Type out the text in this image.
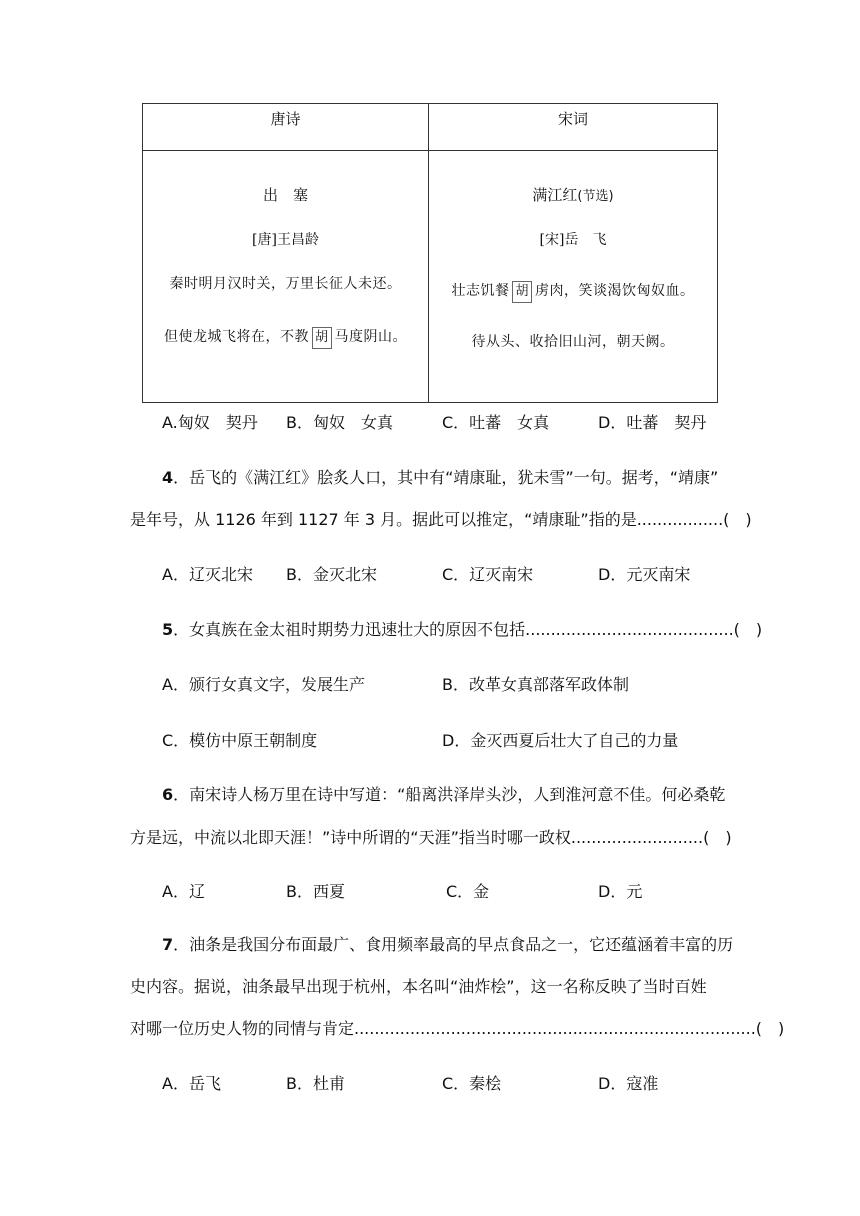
唐诗	宋词
出　塞
[唐]王昌龄
秦时明月汉时关，万里长征人未还。
但使龙城飞将在，不教 胡 马度阴山。
满江红(节选)
[宋]岳　飞
壮志饥餐 胡 虏肉，笑谈渴饮匈奴血。
待从头、收拾旧山河，朝天阙。
A.匈奴　契丹 B．匈奴　女真	C．吐蕃　女真	D．吐蕃　契丹
4．岳飞的《满江红》脍炙人口，其中有“靖康耻，犹未雪”一句。据考，“靖康”
是年号，从 1126 年到 1127 年 3 月。据此可以推定，“靖康耻”指的是.................(　)
A．辽灭北宋 B．金灭北宋	C．辽灭南宋	D．元灭南宋
5．女真族在金太祖时期势力迅速壮大的原因不包括.........................................(　)
A．颁行女真文字，发展生产	B．改革女真部落军政体制
C．模仿中原王朝制度	D．金灭西夏后壮大了自己的力量
6．南宋诗人杨万里在诗中写道：“船离洪泽岸头沙，人到淮河意不佳。何必桑乾
方是远，中流以北即天涯！”诗中所谓的“天涯”指当时哪一政权..........................(　)
A．辽	B．西夏	C．金	D．元
7．油条是我国分布面最广、食用频率最高的早点食品之一，它还蕴涵着丰富的历
史内容。据说，油条最早出现于杭州，本名叫“油炸桧”，这一名称反映了当时百姓
对哪一位历史人物的同情与肯定...............................................................................(　)
A．岳飞	B．杜甫	C．秦桧	D．寇准
